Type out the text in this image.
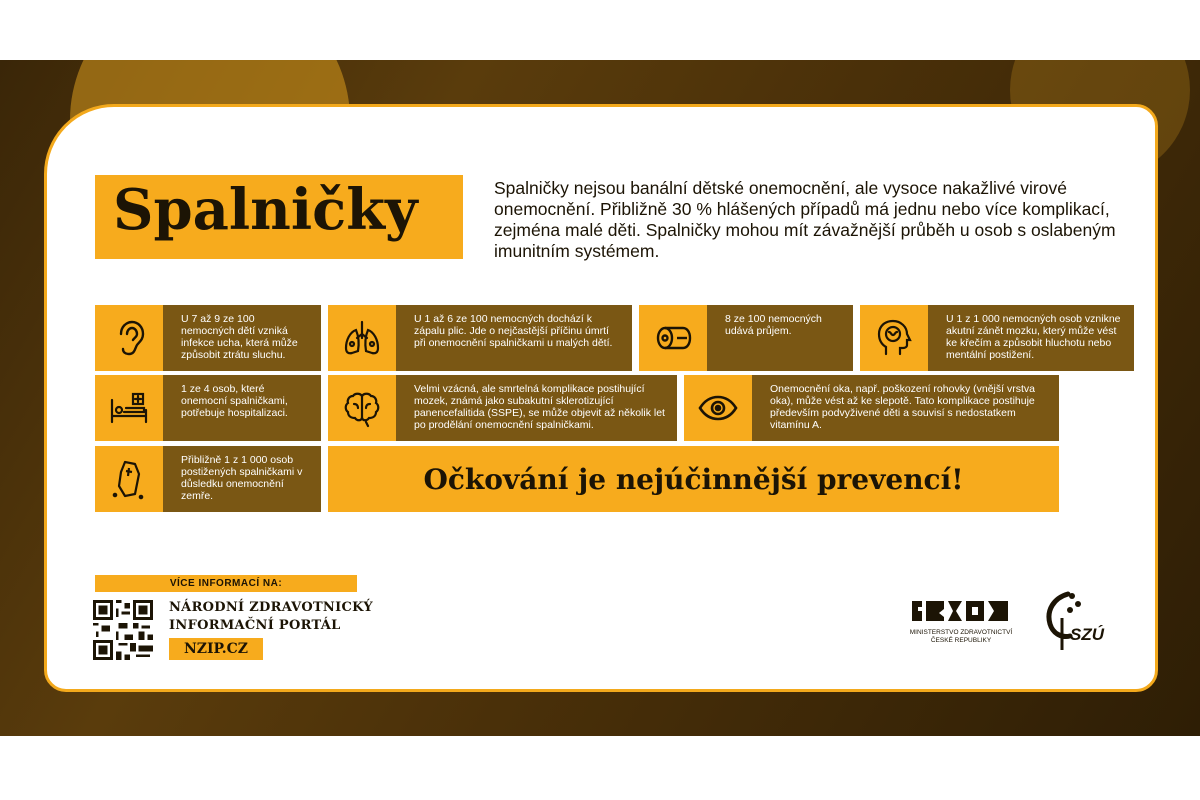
Spalničky	Spalničky nejsou banální dětské onemocnění, ale vysoce nakažlivé virové onemocnění. Přibližně 30 % hlášených případů má jednu nebo více komplikací, zejména malé děti. Spalničky mohou mít závažnější průběh u osob s oslabeným imunitním systémem.
U 7 až 9 ze 100 nemocných dětí vzniká infekce ucha, která může způsobit ztrátu sluchu.
U 1 až 6 ze 100 nemocných dochází k zápalu plic. Jde o nejčastější příčinu úmrtí při onemocnění spalničkami u malých dětí.
8 ze 100 nemocných udává průjem.
U 1 z 1 000 nemocných osob vznikne akutní zánět mozku, který může vést ke křečím a způsobit hluchotu nebo mentální postižení.
1 ze 4 osob, které onemocní spalničkami, potřebuje hospitalizaci.
Velmi vzácná, ale smrtelná komplikace postihující mozek, známá jako subakutní sklerotizující panencefalitida (SSPE), se může objevit až několik let po prodělání onemocnění spalničkami.
Onemocnění oka, např. poškození rohovky (vnější vrstva oka), může vést až ke slepotě. Tato komplikace postihuje především podvyživené děti a souvisí s nedostatkem vitamínu A.
Přibližně 1 z 1 000 osob postižených spalničkami v důsledku onemocnění zemře.
Očkování je nejúčinnější prevencí!
VÍCE INFORMACÍ NA:
NÁRODNÍ ZDRAVOTNICKÝ
INFORMAČNÍ PORTÁL
NZIP.CZ
MINISTERSTVO ZDRAVOTNICTVÍ
ČESKÉ REPUBLIKY	SZÚ
